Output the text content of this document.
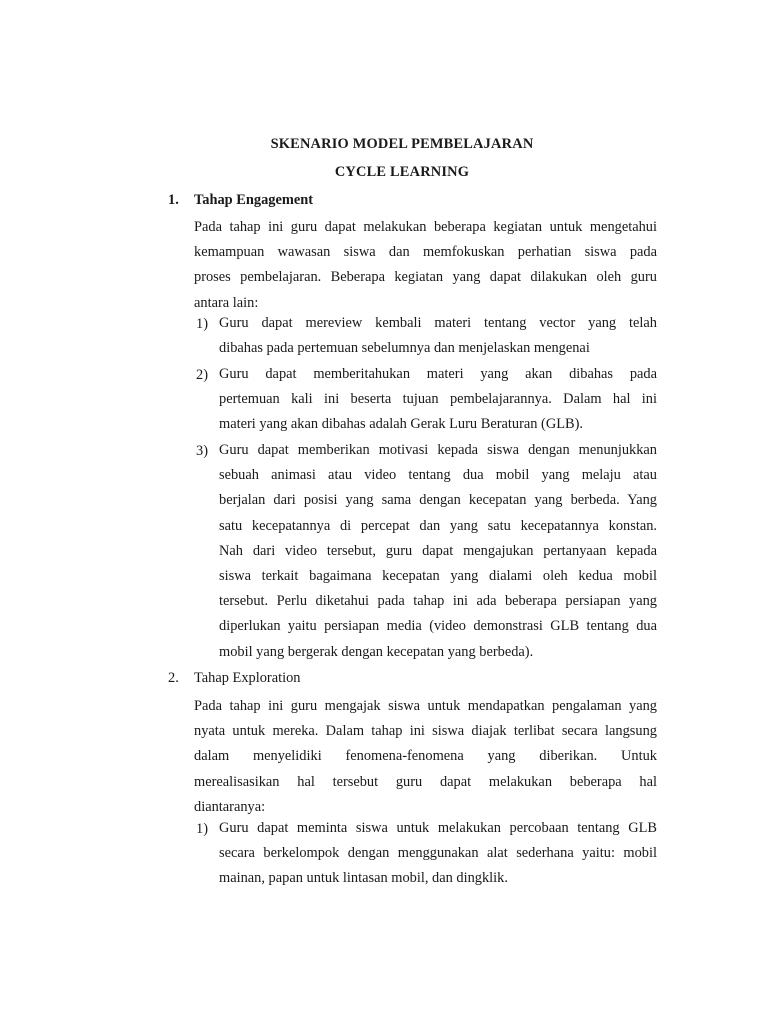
SKENARIO MODEL PEMBELAJARAN
CYCLE LEARNING
1.	Tahap Engagement
Pada tahap ini guru dapat melakukan beberapa kegiatan untuk mengetahui
kemampuan wawasan siswa dan memfokuskan perhatian siswa pada
proses pembelajaran. Beberapa kegiatan yang dapat dilakukan oleh guru
antara lain:
1) Guru dapat mereview kembali materi tentang vector yang telah
dibahas pada pertemuan sebelumnya dan menjelaskan mengenai
2) Guru dapat memberitahukan materi yang akan dibahas pada
pertemuan kali ini beserta tujuan pembelajarannya. Dalam hal ini
materi yang akan dibahas adalah Gerak Luru Beraturan (GLB).
3) Guru dapat memberikan motivasi kepada siswa dengan menunjukkan
sebuah animasi atau video tentang dua mobil yang melaju atau
berjalan dari posisi yang sama dengan kecepatan yang berbeda. Yang
satu kecepatannya di percepat dan yang satu kecepatannya konstan.
Nah dari video tersebut, guru dapat mengajukan pertanyaan kepada
siswa terkait bagaimana kecepatan yang dialami oleh kedua mobil
tersebut. Perlu diketahui pada tahap ini ada beberapa persiapan yang
diperlukan yaitu persiapan media (video demonstrasi GLB tentang dua
mobil yang bergerak dengan kecepatan yang berbeda).
2.	Tahap Exploration
Pada tahap ini guru mengajak siswa untuk mendapatkan pengalaman yang
nyata untuk mereka. Dalam tahap ini siswa diajak terlibat secara langsung
dalam menyelidiki fenomena-fenomena yang diberikan. Untuk
merealisasikan hal tersebut guru dapat melakukan beberapa hal
diantaranya:
1) Guru dapat meminta siswa untuk melakukan percobaan tentang GLB
secara berkelompok dengan menggunakan alat sederhana yaitu: mobil
mainan, papan untuk lintasan mobil, dan dingklik.
